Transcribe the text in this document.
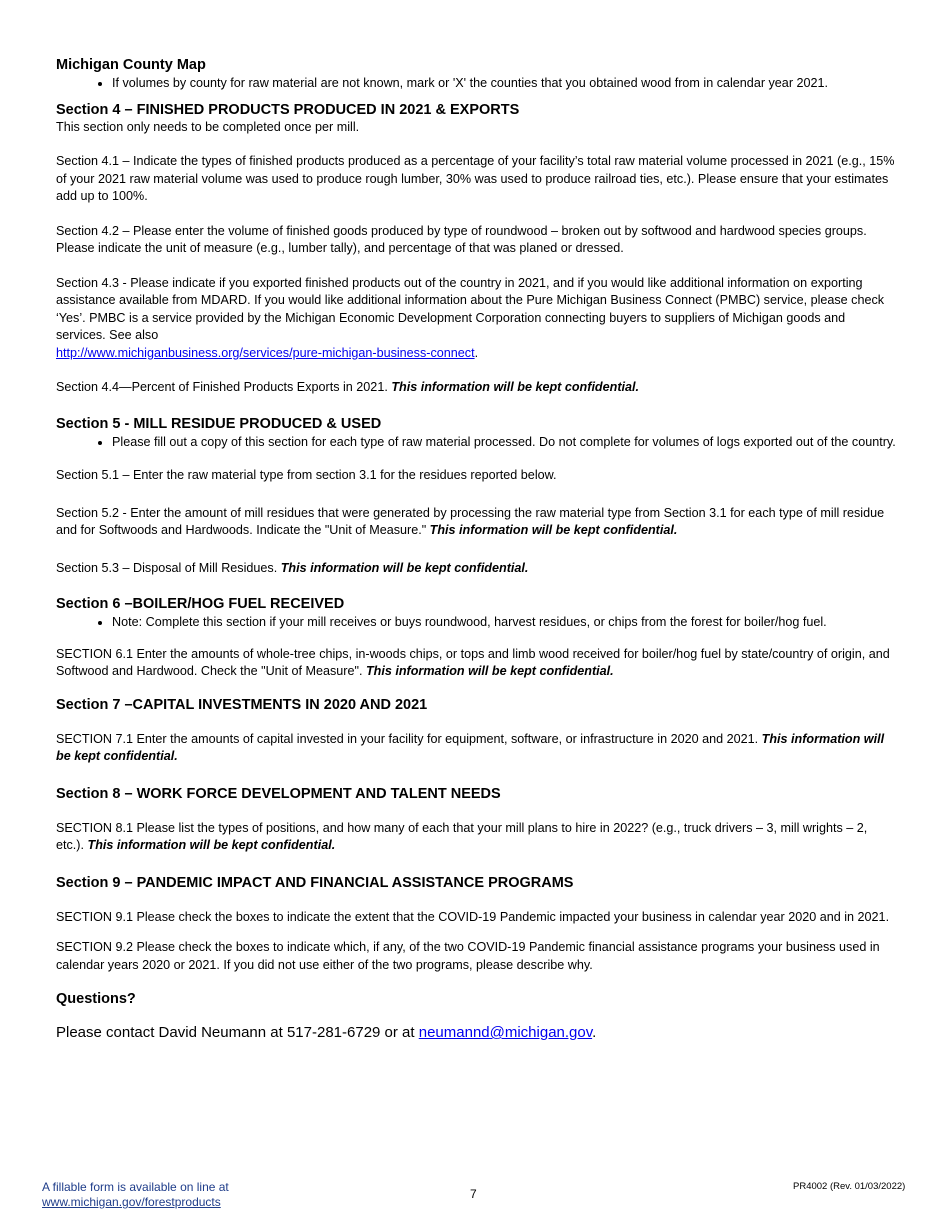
Michigan County Map

• If volumes by county for raw material are not known, mark or 'X' the counties that you obtained wood from in calendar year 2021.

Section 4 – FINISHED PRODUCTS PRODUCED IN 2021 & EXPORTS

This section only needs to be completed once per mill.

Section 4.1 – Indicate the types of finished products produced as a percentage of your facility’s total raw material volume processed in 2021 (e.g., 15% of your 2021 raw material volume was used to produce rough lumber, 30% was used to produce railroad ties, etc.). Please ensure that your estimates add up to 100%.

Section 4.2 – Please enter the volume of finished goods produced by type of roundwood – broken out by softwood and hardwood species groups. Please indicate the unit of measure (e.g., lumber tally), and percentage of that was planed or dressed.

Section 4.3 - Please indicate if you exported finished products out of the country in 2021, and if you would like additional information on exporting assistance available from MDARD. If you would like additional information about the Pure Michigan Business Connect (PMBC) service, please check ‘Yes’. PMBC is a service provided by the Michigan Economic Development Corporation connecting buyers to suppliers of Michigan goods and services. See also
http://www.michiganbusiness.org/services/pure-michigan-business-connect.

Section 4.4—Percent of Finished Products Exports in 2021. This information will be kept confidential.

Section 5 - MILL RESIDUE PRODUCED & USED

• Please fill out a copy of this section for each type of raw material processed. Do not complete for volumes of logs exported out of the country.

Section 5.1 – Enter the raw material type from section 3.1 for the residues reported below.

Section 5.2 - Enter the amount of mill residues that were generated by processing the raw material type from Section 3.1 for each type of mill residue and for Softwoods and Hardwoods. Indicate the "Unit of Measure." This information will be kept confidential.

Section 5.3 – Disposal of Mill Residues. This information will be kept confidential.

Section 6 –BOILER/HOG FUEL RECEIVED

• Note: Complete this section if your mill receives or buys roundwood, harvest residues, or chips from the forest for boiler/hog fuel.

SECTION 6.1 Enter the amounts of whole-tree chips, in-woods chips, or tops and limb wood received for boiler/hog fuel by state/country of origin, and Softwood and Hardwood. Check the "Unit of Measure". This information will be kept confidential.

Section 7 –CAPITAL INVESTMENTS IN 2020 AND 2021

SECTION 7.1 Enter the amounts of capital invested in your facility for equipment, software, or infrastructure in 2020 and 2021. This information will be kept confidential.

Section 8 – WORK FORCE DEVELOPMENT AND TALENT NEEDS

SECTION 8.1 Please list the types of positions, and how many of each that your mill plans to hire in 2022? (e.g., truck drivers – 3, mill wrights – 2, etc.). This information will be kept confidential.

Section 9 – PANDEMIC IMPACT AND FINANCIAL ASSISTANCE PROGRAMS

SECTION 9.1 Please check the boxes to indicate the extent that the COVID-19 Pandemic impacted your business in calendar year 2020 and in 2021.

SECTION 9.2 Please check the boxes to indicate which, if any, of the two COVID-19 Pandemic financial assistance programs your business used in calendar years 2020 or 2021. If you did not use either of the two programs, please describe why.

Questions?

Please contact David Neumann at 517-281-6729 or at neumannd@michigan.gov.

A fillable form is available on line at
www.michigan.gov/forestproducts
7
PR4002 (Rev. 01/03/2022)
